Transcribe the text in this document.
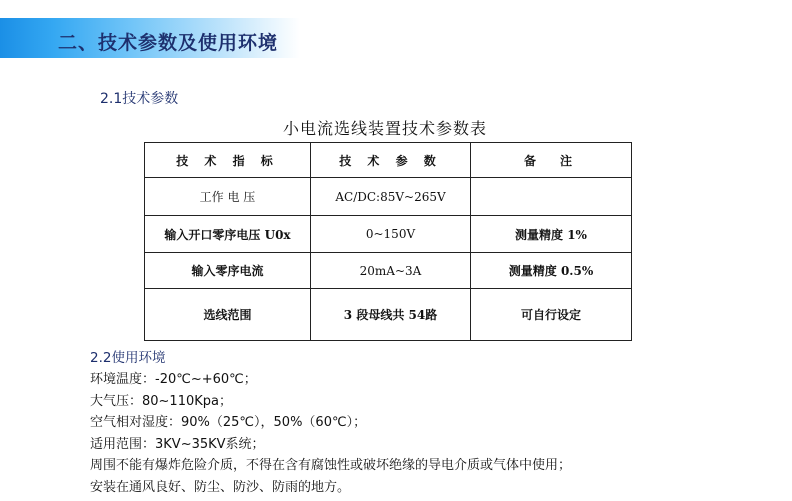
二、技术参数及使用环境
2.1技术参数
小电流选线装置技术参数表
技 术 指 标	技 术 参 数	备　注
工作 电 压	AC/DC:85V~265V	
输入开口零序电压 U0x	0~150V	测量精度 1%
输入零序电流	20mA~3A	测量精度 0.5%
选线范围	3 段母线共 54路	可自行设定
2.2使用环境
环境温度：-20℃~+60℃；
大气压：80~110Kpa；
空气相对湿度：90%（25℃），50%（60℃）；
适用范围：3KV~35KV系统；
周围不能有爆炸危险介质，不得在含有腐蚀性或破坏绝缘的导电介质或气体中使用；
安装在通风良好、防尘、防沙、防雨的地方。
